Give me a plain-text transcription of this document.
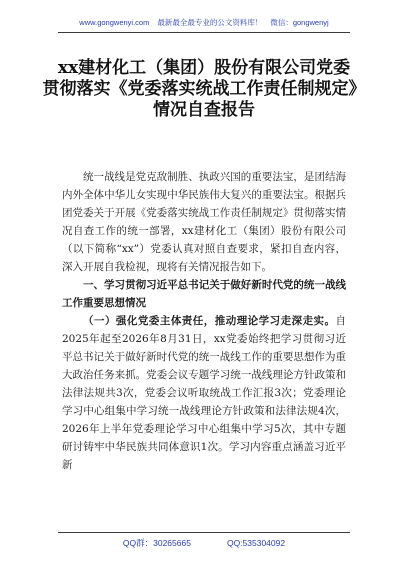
www.gongwenyi.com 最新最全最专业的公文资料库！ 微信：gongwenyj
xx建材化工（集团）股份有限公司党委
贯彻落实《党委落实统战工作责任制规定》
情况自查报告

统一战线是党克敌制胜、执政兴国的重要法宝，是团结海内外全体中华儿女实现中华民族伟大复兴的重要法宝。根据兵团党委关于开展《党委落实统战工作责任制规定》贯彻落实情况自查工作的统一部署，xx建材化工（集团）股份有限公司（以下简称“xx”）党委认真对照自查要求，紧扣自查内容，深入开展自我检视，现将有关情况报告如下。

一、学习贯彻习近平总书记关于做好新时代党的统一战线工作重要思想情况

（一）强化党委主体责任，推动理论学习走深走实。自2025年起至2026年8月31日，xx党委始终把学习贯彻习近平总书记关于做好新时代党的统一战线工作的重要思想作为重大政治任务来抓。党委会议专题学习统一战线理论方针政策和法律法规共3次，党委会议听取统战工作汇报3次；党委理论学习中心组集中学习统一战线理论方针政策和法律法规4次，2026年上半年党委理论学习中心组集中学习5次，其中专题研讨铸牢中华民族共同体意识1次。学习内容重点涵盖习近平新

QQ群：30265665	QQ:535304092
